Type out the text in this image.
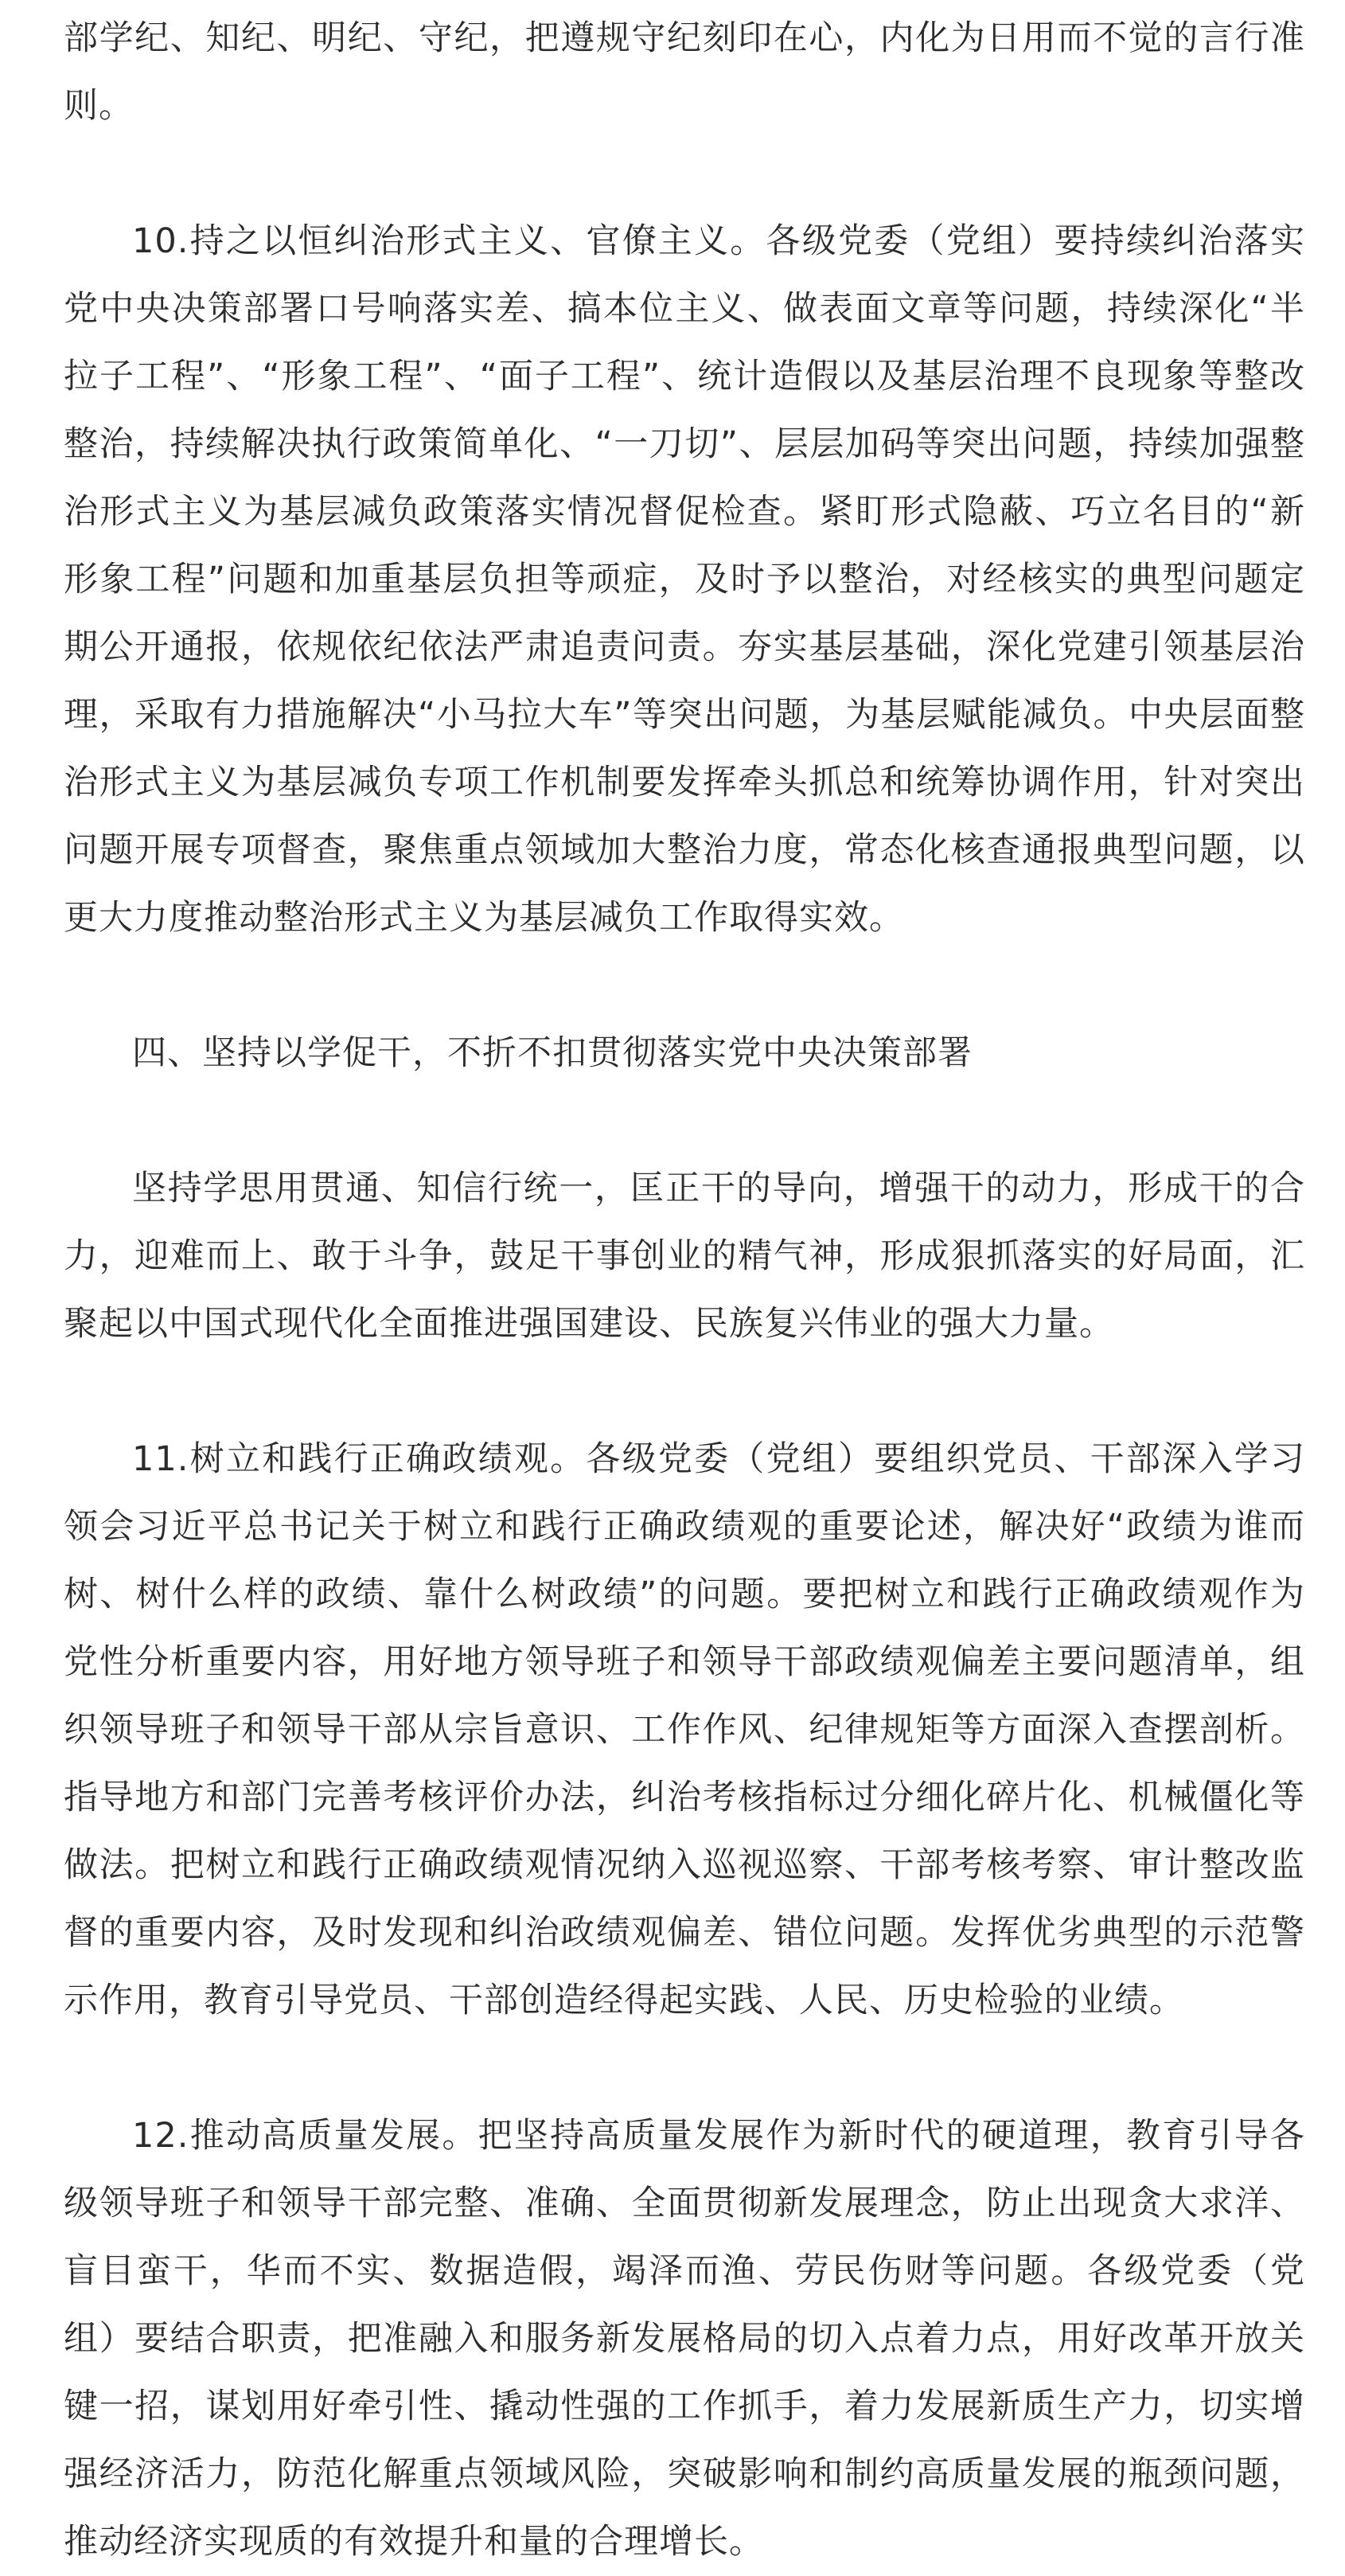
部学纪、知纪、明纪、守纪，把遵规守纪刻印在心，内化为日用而不觉的言行准则。

10.持之以恒纠治形式主义、官僚主义。各级党委（党组）要持续纠治落实党中央决策部署口号响落实差、搞本位主义、做表面文章等问题，持续深化“半拉子工程”、“形象工程”、“面子工程”、统计造假以及基层治理不良现象等整改整治，持续解决执行政策简单化、“一刀切”、层层加码等突出问题，持续加强整治形式主义为基层减负政策落实情况督促检查。紧盯形式隐蔽、巧立名目的“新形象工程”问题和加重基层负担等顽症，及时予以整治，对经核实的典型问题定期公开通报，依规依纪依法严肃追责问责。夯实基层基础，深化党建引领基层治理，采取有力措施解决“小马拉大车”等突出问题，为基层赋能减负。中央层面整治形式主义为基层减负专项工作机制要发挥牵头抓总和统筹协调作用，针对突出问题开展专项督查，聚焦重点领域加大整治力度，常态化核查通报典型问题，以更大力度推动整治形式主义为基层减负工作取得实效。

四、坚持以学促干，不折不扣贯彻落实党中央决策部署

坚持学思用贯通、知信行统一，匡正干的导向，增强干的动力，形成干的合力，迎难而上、敢于斗争，鼓足干事创业的精气神，形成狠抓落实的好局面，汇聚起以中国式现代化全面推进强国建设、民族复兴伟业的强大力量。

11.树立和践行正确政绩观。各级党委（党组）要组织党员、干部深入学习领会习近平总书记关于树立和践行正确政绩观的重要论述，解决好“政绩为谁而树、树什么样的政绩、靠什么树政绩”的问题。要把树立和践行正确政绩观作为党性分析重要内容，用好地方领导班子和领导干部政绩观偏差主要问题清单，组织领导班子和领导干部从宗旨意识、工作作风、纪律规矩等方面深入查摆剖析。指导地方和部门完善考核评价办法，纠治考核指标过分细化碎片化、机械僵化等做法。把树立和践行正确政绩观情况纳入巡视巡察、干部考核考察、审计整改监督的重要内容，及时发现和纠治政绩观偏差、错位问题。发挥优劣典型的示范警示作用，教育引导党员、干部创造经得起实践、人民、历史检验的业绩。

12.推动高质量发展。把坚持高质量发展作为新时代的硬道理，教育引导各级领导班子和领导干部完整、准确、全面贯彻新发展理念，防止出现贪大求洋、盲目蛮干，华而不实、数据造假，竭泽而渔、劳民伤财等问题。各级党委（党组）要结合职责，把准融入和服务新发展格局的切入点着力点，用好改革开放关键一招，谋划用好牵引性、撬动性强的工作抓手，着力发展新质生产力，切实增强经济活力，防范化解重点领域风险，突破影响和制约高质量发展的瓶颈问题，推动经济实现质的有效提升和量的合理增长。
